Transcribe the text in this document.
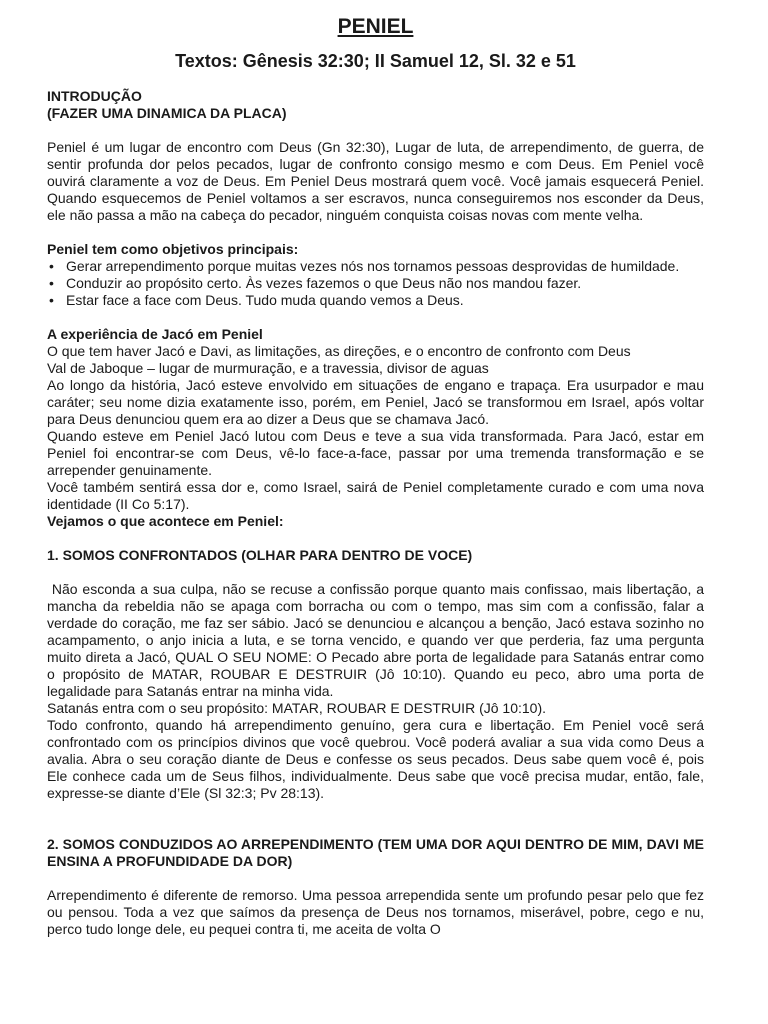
PENIEL
Textos: Gênesis 32:30; II Samuel 12, Sl. 32 e 51

INTRODUÇÃO

(FAZER UMA DINAMICA DA PLACA)

Peniel é um lugar de encontro com Deus (Gn 32:30), Lugar de luta, de arrependimento, de guerra, de sentir profunda dor pelos pecados, lugar de confronto consigo mesmo e com Deus. Em Peniel você ouvirá claramente a voz de Deus. Em Peniel Deus mostrará quem você. Você jamais esquecerá Peniel. Quando esquecemos de Peniel voltamos a ser escravos, nunca conseguiremos nos esconder da Deus, ele não passa a mão na cabeça do pecador, ninguém conquista coisas novas com mente velha.

Peniel tem como objetivos principais:

• Gerar arrependimento porque muitas vezes nós nos tornamos pessoas desprovidas de humildade.
• Conduzir ao propósito certo. Às vezes fazemos o que Deus não nos mandou fazer.
• Estar face a face com Deus. Tudo muda quando vemos a Deus.

A experiência de Jacó em Peniel

O que tem haver Jacó e Davi, as limitações, as direções, e o encontro de confronto com Deus

Val de Jaboque – lugar de murmuração, e a travessia, divisor de aguas

Ao longo da história, Jacó esteve envolvido em situações de engano e trapaça. Era usurpador e mau caráter; seu nome dizia exatamente isso, porém, em Peniel, Jacó se transformou em Israel, após voltar para Deus denunciou quem era ao dizer a Deus que se chamava Jacó.

Quando esteve em Peniel Jacó lutou com Deus e teve a sua vida transformada. Para Jacó, estar em Peniel foi encontrar-se com Deus, vê-lo face-a-face, passar por uma tremenda transformação e se arrepender genuinamente.

Você também sentirá essa dor e, como Israel, sairá de Peniel completamente curado e com uma nova identidade (II Co 5:17).

Vejamos o que acontece em Peniel:

1. SOMOS CONFRONTADOS (OLHAR PARA DENTRO DE VOCE)

Não esconda a sua culpa, não se recuse a confissão porque quanto mais confissao, mais libertação, a mancha da rebeldia não se apaga com borracha ou com o tempo, mas sim com a confissão, falar a verdade do coração, me faz ser sábio. Jacó se denunciou e alcançou a benção, Jacó estava sozinho no acampamento, o anjo inicia a luta, e se torna vencido, e quando ver que perderia, faz uma pergunta muito direta a Jacó, QUAL O SEU NOME: O Pecado abre porta de legalidade para Satanás entrar como o propósito de MATAR, ROUBAR E DESTRUIR (Jô 10:10). Quando eu peco, abro uma porta de legalidade para Satanás entrar na minha vida.

Satanás entra com o seu propósito: MATAR, ROUBAR E DESTRUIR (Jô 10:10).

Todo confronto, quando há arrependimento genuíno, gera cura e libertação. Em Peniel você será confrontado com os princípios divinos que você quebrou. Você poderá avaliar a sua vida como Deus a avalia. Abra o seu coração diante de Deus e confesse os seus pecados. Deus sabe quem você é, pois Ele conhece cada um de Seus filhos, individualmente. Deus sabe que você precisa mudar, então, fale, expresse-se diante d’Ele (Sl 32:3; Pv 28:13).

2. SOMOS CONDUZIDOS AO ARREPENDIMENTO (TEM UMA DOR AQUI DENTRO DE MIM, DAVI ME ENSINA A PROFUNDIDADE DA DOR)

Arrependimento é diferente de remorso. Uma pessoa arrependida sente um profundo pesar pelo que fez ou pensou. Toda a vez que saímos da presença de Deus nos tornamos, miserável, pobre, cego e nu, perco tudo longe dele, eu pequei contra ti, me aceita de volta O
